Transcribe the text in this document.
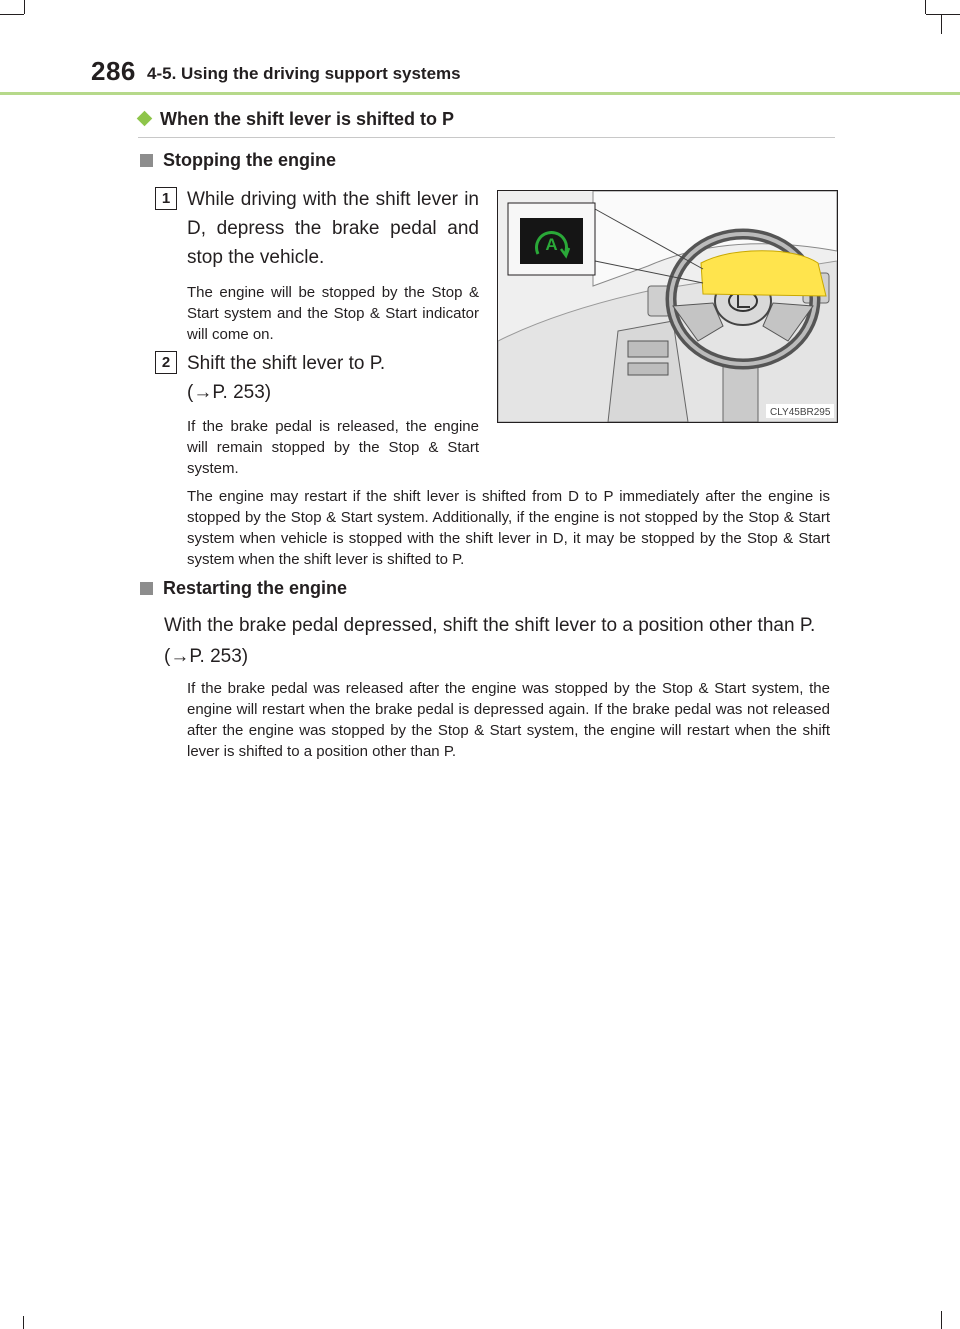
286 4-5. Using the driving support systems
When the shift lever is shifted to P
Stopping the engine
1 While driving with the shift lever in D, depress the brake pedal and stop the vehicle.
The engine will be stopped by the Stop & Start system and the Stop & Start indicator will come on.
2 Shift the shift lever to P.
(→P. 253)
If the brake pedal is released, the engine will remain stopped by the Stop & Start system.
The engine may restart if the shift lever is shifted from D to P immediately after the engine is stopped by the Stop & Start system. Additionally, if the engine is not stopped by the Stop & Start system when vehicle is stopped with the shift lever in D, it may be stopped by the Stop & Start system when the shift lever is shifted to P.
A
CLY45BR295
Restarting the engine
With the brake pedal depressed, shift the shift lever to a position other than P.
(→P. 253)
If the brake pedal was released after the engine was stopped by the Stop & Start system, the engine will restart when the brake pedal is depressed again. If the brake pedal was not released after the engine was stopped by the Stop & Start system, the engine will restart when the shift lever is shifted to a position other than P.
